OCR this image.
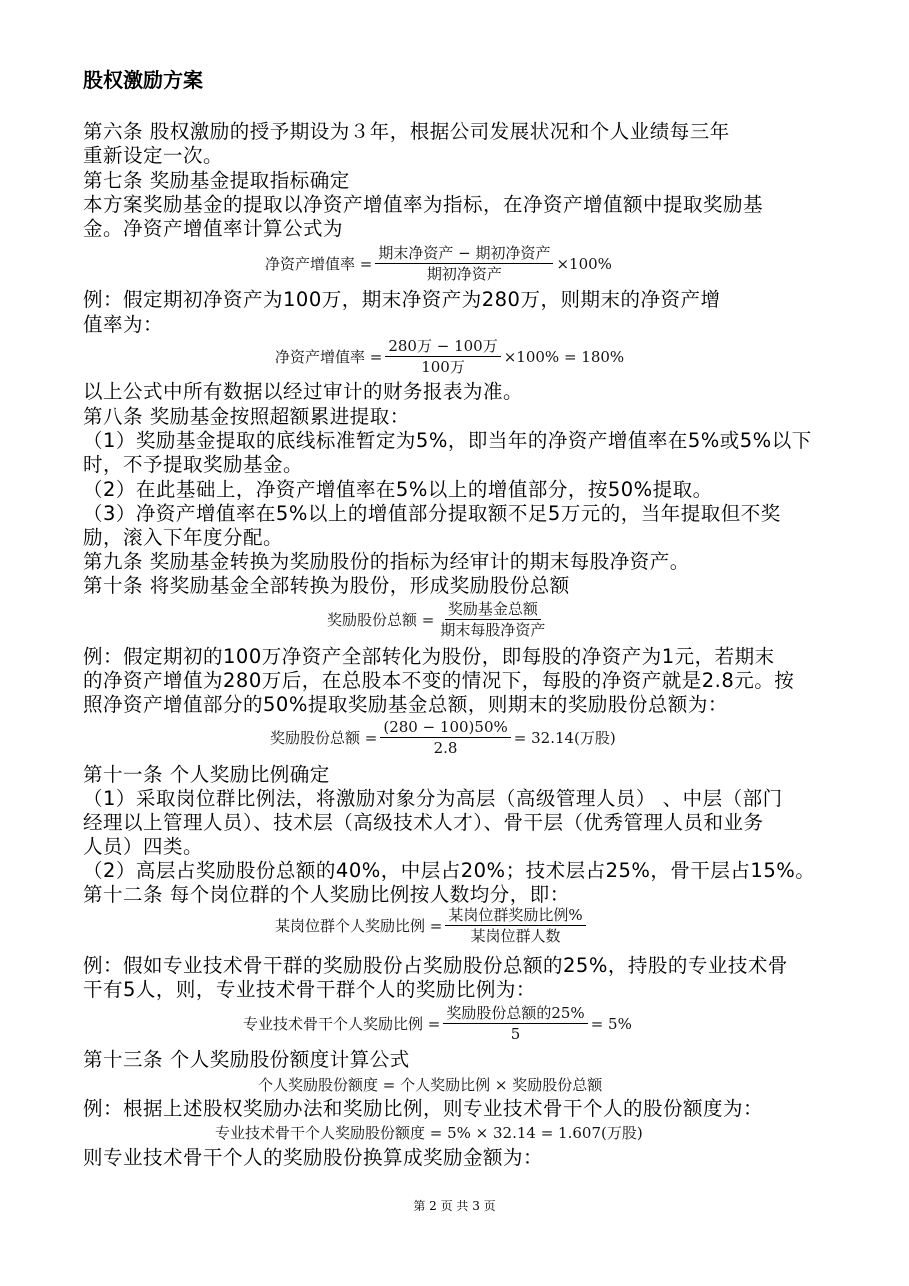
股权激励方案
第六条 股权激励的授予期设为３年，根据公司发展状况和个人业绩每三年
重新设定一次。
第七条 奖励基金提取指标确定
本方案奖励基金的提取以净资产增值率为指标，在净资产增值额中提取奖励基
金。净资产增值率计算公式为
净资产增值率 = $\frac{\text{期末净资产 − 期初净资产}}{\text{期初净资产}} \times 100\%$
例：假定期初净资产为100万，期末净资产为280万，则期末的净资产增
值率为：
净资产增值率 = $\frac{\text{280万 − 100万}}{\text{100万}} \times 100\% = 180\%$
以上公式中所有数据以经过审计的财务报表为准。
第八条 奖励基金按照超额累进提取：
（1）奖励基金提取的底线标准暂定为5%，即当年的净资产增值率在5%或5%以下
时，不予提取奖励基金。
（2）在此基础上，净资产增值率在5%以上的增值部分，按50%提取。
（3）净资产增值率在5%以上的增值部分提取额不足5万元的，当年提取但不奖
励，滚入下年度分配。
第九条 奖励基金转换为奖励股份的指标为经审计的期末每股净资产。
第十条 将奖励基金全部转换为股份，形成奖励股份总额
奖励股份总额 = $\frac{\text{奖励基金总额}}{\text{期末每股净资产}}$
例：假定期初的100万净资产全部转化为股份，即每股的净资产为1元，若期末
的净资产增值为280万后，在总股本不变的情况下，每股的净资产就是2.8元。按
照净资产增值部分的50%提取奖励基金总额，则期末的奖励股份总额为：
奖励股份总额 = $\frac{(280 - 100)50\%}{2.8} = 32.14$(万股)
第十一条 个人奖励比例确定
（1）采取岗位群比例法，将激励对象分为高层（高级管理人员） 、中层（部门
经理以上管理人员）、技术层（高级技术人才）、骨干层（优秀管理人员和业务
人员）四类。
（2）高层占奖励股份总额的40%，中层占20%；技术层占25%，骨干层占15%。
第十二条 每个岗位群的个人奖励比例按人数均分，即：
某岗位群个人奖励比例 = $\frac{\text{某岗位群奖励比例\%}}{\text{某岗位群人数}}$
例：假如专业技术骨干群的奖励股份占奖励股份总额的25%，持股的专业技术骨
干有5人，则，专业技术骨干群个人的奖励比例为：
专业技术骨干个人奖励比例 = $\frac{\text{奖励股份总额的25\%}}{5} = 5\%$
第十三条 个人奖励股份额度计算公式
个人奖励股份额度 = 个人奖励比例 × 奖励股份总额
例：根据上述股权奖励办法和奖励比例，则专业技术骨干个人的股份额度为：
专业技术骨干个人奖励股份额度 = 5% × 32.14 = 1.607(万股)
则专业技术骨干个人的奖励股份换算成奖励金额为：
第 2 页 共 3 页
